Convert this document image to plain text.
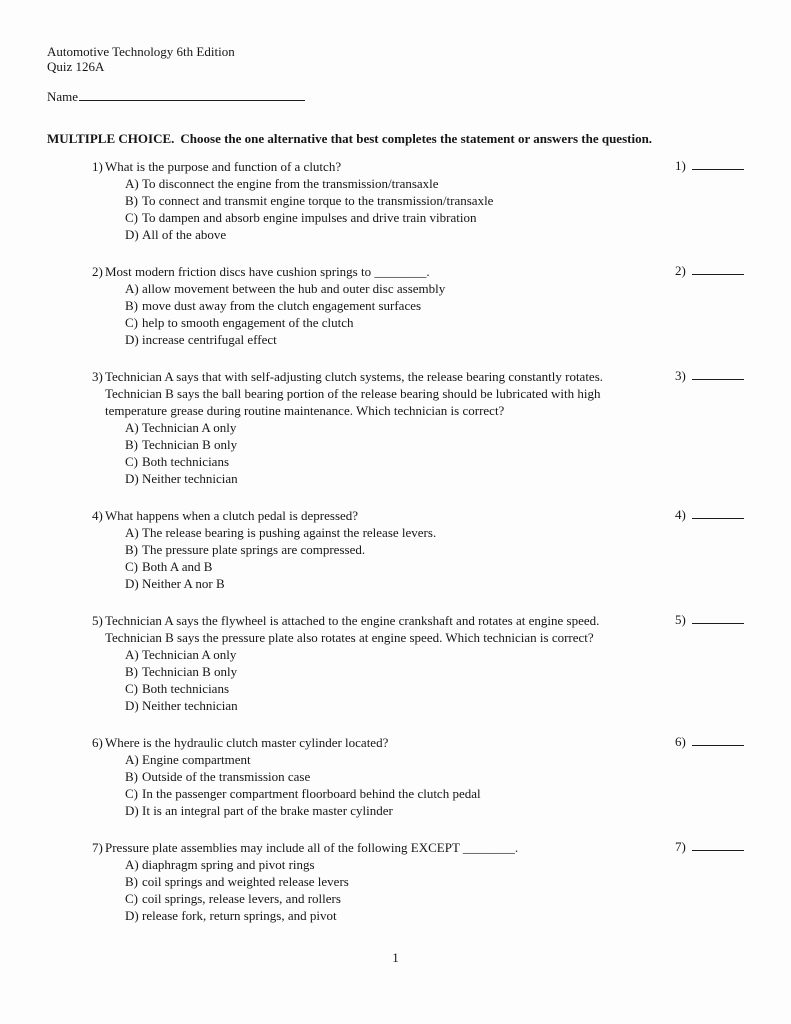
Automotive Technology 6th Edition
Quiz 126A
Name
MULTIPLE CHOICE. Choose the one alternative that best completes the statement or answers the question.
1) What is the purpose and function of a clutch?
A) To disconnect the engine from the transmission/transaxle
B) To connect and transmit engine torque to the transmission/transaxle
C) To dampen and absorb engine impulses and drive train vibration
D) All of the above
1)
2) Most modern friction discs have cushion springs to ________.
A) allow movement between the hub and outer disc assembly
B) move dust away from the clutch engagement surfaces
C) help to smooth engagement of the clutch
D) increase centrifugal effect
2)
3) Technician A says that with self-adjusting clutch systems, the release bearing constantly rotates.
Technician B says the ball bearing portion of the release bearing should be lubricated with high
temperature grease during routine maintenance. Which technician is correct?
A) Technician A only
B) Technician B only
C) Both technicians
D) Neither technician
3)
4) What happens when a clutch pedal is depressed?
A) The release bearing is pushing against the release levers.
B) The pressure plate springs are compressed.
C) Both A and B
D) Neither A nor B
4)
5) Technician A says the flywheel is attached to the engine crankshaft and rotates at engine speed.
Technician B says the pressure plate also rotates at engine speed. Which technician is correct?
A) Technician A only
B) Technician B only
C) Both technicians
D) Neither technician
5)
6) Where is the hydraulic clutch master cylinder located?
A) Engine compartment
B) Outside of the transmission case
C) In the passenger compartment floorboard behind the clutch pedal
D) It is an integral part of the brake master cylinder
6)
7) Pressure plate assemblies may include all of the following EXCEPT ________.
A) diaphragm spring and pivot rings
B) coil springs and weighted release levers
C) coil springs, release levers, and rollers
D) release fork, return springs, and pivot
7)
1
